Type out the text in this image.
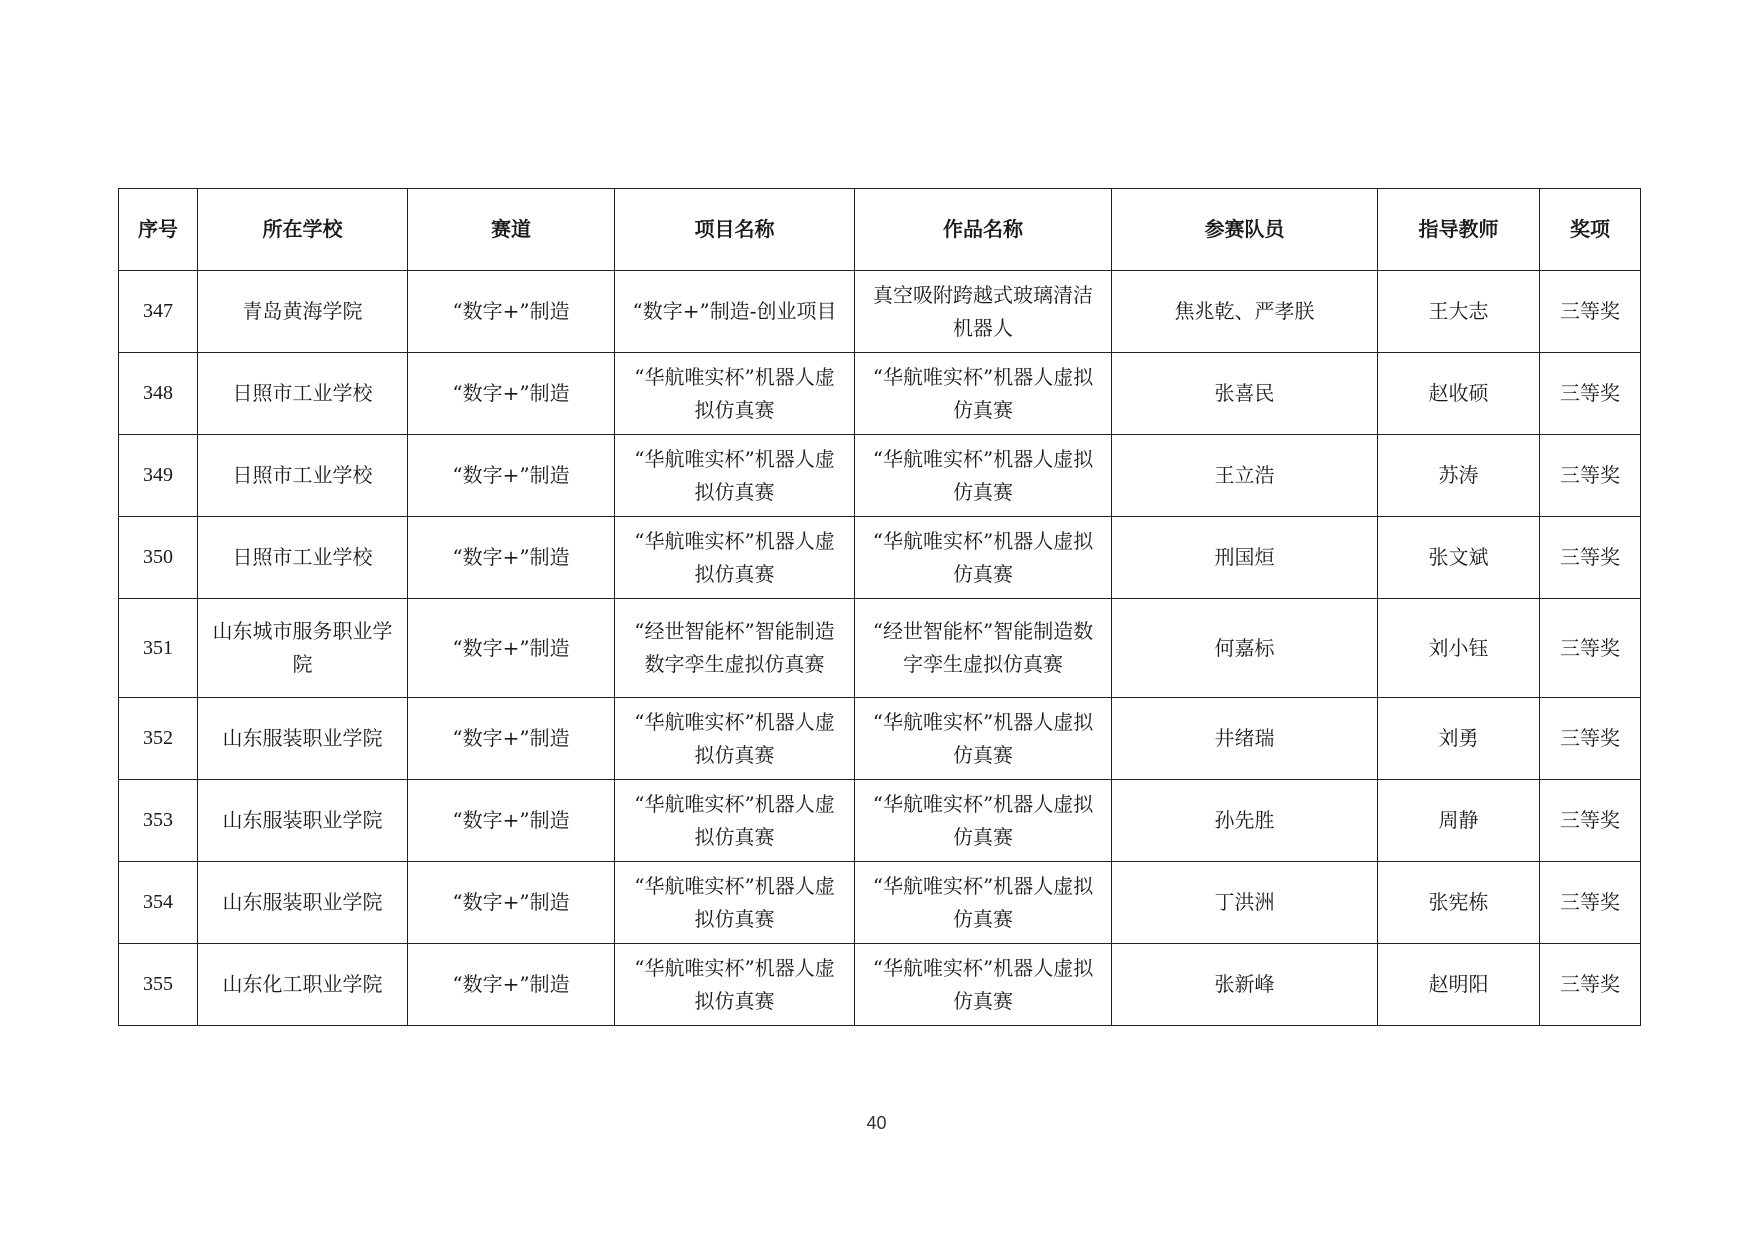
序号	所在学校	赛道	项目名称	作品名称	参赛队员	指导教师	奖项
347	青岛黄海学院	“数字+”制造	“数字+”制造-创业项目	真空吸附跨越式玻璃清洁机器人	焦兆乾、严孝朕	王大志	三等奖
348	日照市工业学校	“数字+”制造	“华航唯实杯”机器人虚拟仿真赛	“华航唯实杯”机器人虚拟仿真赛	张喜民	赵收硕	三等奖
349	日照市工业学校	“数字+”制造	“华航唯实杯”机器人虚拟仿真赛	“华航唯实杯”机器人虚拟仿真赛	王立浩	苏涛	三等奖
350	日照市工业学校	“数字+”制造	“华航唯实杯”机器人虚拟仿真赛	“华航唯实杯”机器人虚拟仿真赛	刑国烜	张文斌	三等奖
351	山东城市服务职业学院	“数字+”制造	“经世智能杯”智能制造数字孪生虚拟仿真赛	“经世智能杯”智能制造数字孪生虚拟仿真赛	何嘉标	刘小钰	三等奖
352	山东服装职业学院	“数字+”制造	“华航唯实杯”机器人虚拟仿真赛	“华航唯实杯”机器人虚拟仿真赛	井绪瑞	刘勇	三等奖
353	山东服装职业学院	“数字+”制造	“华航唯实杯”机器人虚拟仿真赛	“华航唯实杯”机器人虚拟仿真赛	孙先胜	周静	三等奖
354	山东服装职业学院	“数字+”制造	“华航唯实杯”机器人虚拟仿真赛	“华航唯实杯”机器人虚拟仿真赛	丁洪洲	张宪栋	三等奖
355	山东化工职业学院	“数字+”制造	“华航唯实杯”机器人虚拟仿真赛	“华航唯实杯”机器人虚拟仿真赛	张新峰	赵明阳	三等奖
40
